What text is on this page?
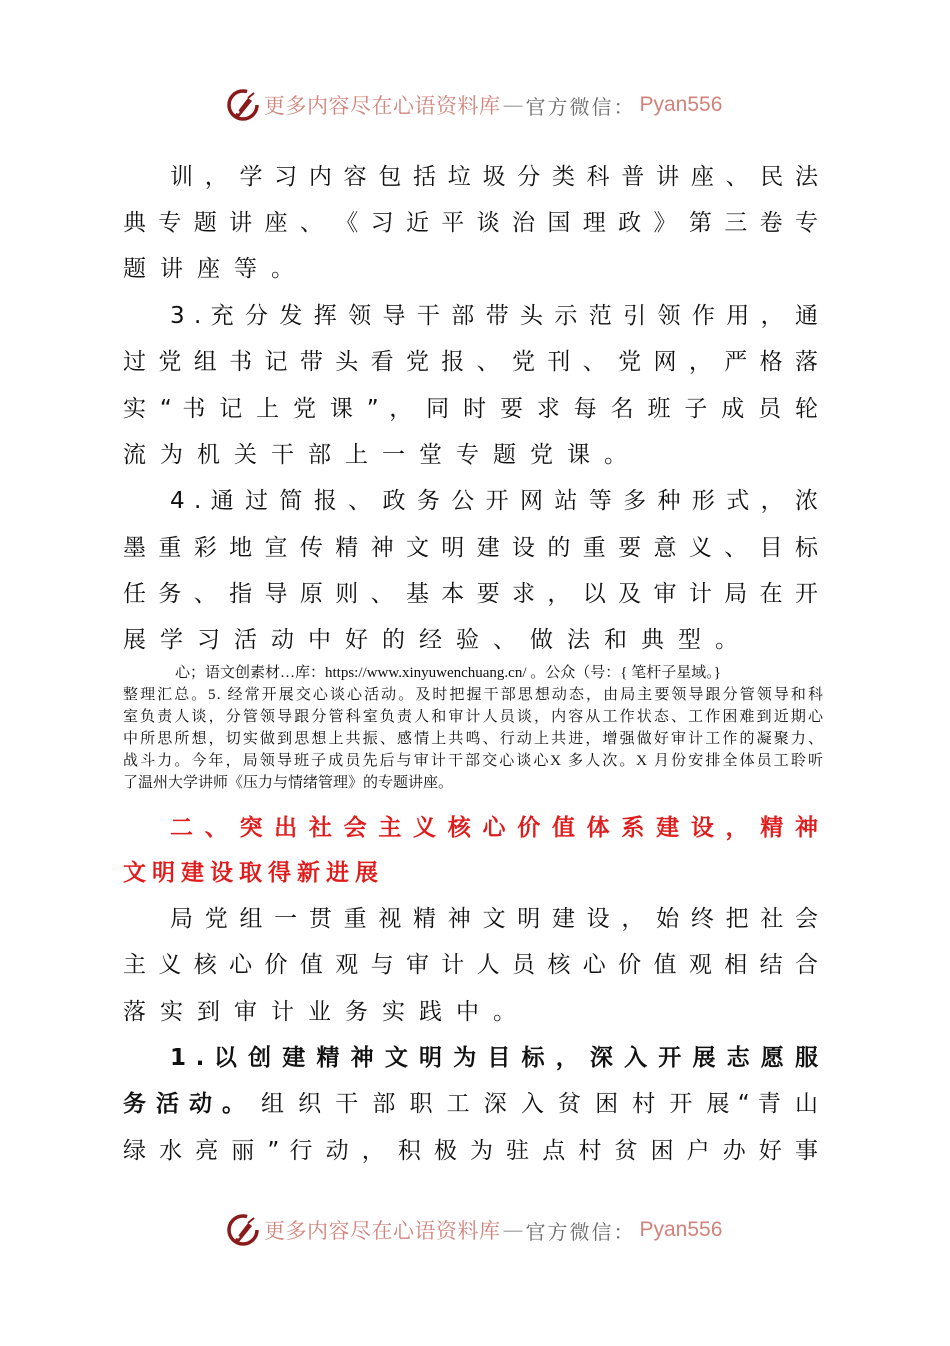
更多内容尽在心语资料库 — 官方微信： Pyan556
训 ， 学 习 内 容 包 括 垃 圾 分 类 科 普 讲 座 、 民 法
典 专 题 讲 座 、 《 习 近 平 谈 治 国 理 政 》 第 三 卷 专
题讲座等。
3 . 充 分 发 挥 领 导 干 部 带 头 示 范 引 领 作 用 ， 通
过 党 组 书 记 带 头 看 党 报 、 党 刊 、 党 网 ， 严 格 落
实 “ 书 记 上 党 课 ” ， 同 时 要 求 每 名 班 子 成 员 轮
流为机关干部上一堂专题党课。
4 . 通 过 简 报 、 政 务 公 开 网 站 等 多 种 形 式 ， 浓
墨 重 彩 地 宣 传 精 神 文 明 建 设 的 重 要 意 义 、 目 标
任 务 、 指 导 原 则 、 基 本 要 求 ， 以 及 审 计 局 在 开
展学习活动中好的经验、做法和典型。
心；语文创素材…库：https://www.xinyuwenchuang.cn/ 。公众（号：{ 笔杆子星域。}
整 理 汇 总 。 5 .   经 常 开 展 交 心 谈 心 活 动 。 及 时 把 握 干 部 思 想 动 态 ， 由 局 主 要 领 导 跟 分 管 领 导 和 科
室 负 责 人 谈 ， 分 管 领 导 跟 分 管 科 室 负 责 人 和 审 计 人 员 谈 ， 内 容 从 工 作 状 态 、 工 作 困 难 到 近 期 心
中 所 思 所 想 ， 切 实 做 到 思 想 上 共 振 、 感 情 上 共 鸣 、 行 动 上 共 进 ， 增 强 做 好 审 计 工 作 的 凝 聚 力 、
战 斗 力 。 今 年 ， 局 领 导 班 子 成 员 先 后 与 审 计 干 部 交 心 谈 心 X   多 人 次 。 X   月 份 安 排 全 体 员 工 聆 听
了温州大学讲师《压力与情绪管理》的专题讲座。
二 、 突 出 社 会 主 义 核 心 价 值 体 系 建 设 ， 精 神
文明建设取得新进展
局 党 组 一 贯 重 视 精 神 文 明 建 设 ， 始 终 把 社 会
主 义 核 心 价 值 观 与 审 计 人 员 核 心 价 值 观 相 结 合
落实到审计业务实践中。
1 . 以 创 建 精 神 文 明 为 目 标 ， 深 入 开 展 志 愿 服
务活动。 组 织 干 部 职 工 深 入 贫 困 村 开 展 “ 青 山
绿 水 亮 丽 ” 行 动 ， 积 极 为 驻 点 村 贫 困 户 办 好 事
更多内容尽在心语资料库 — 官方微信： Pyan556
